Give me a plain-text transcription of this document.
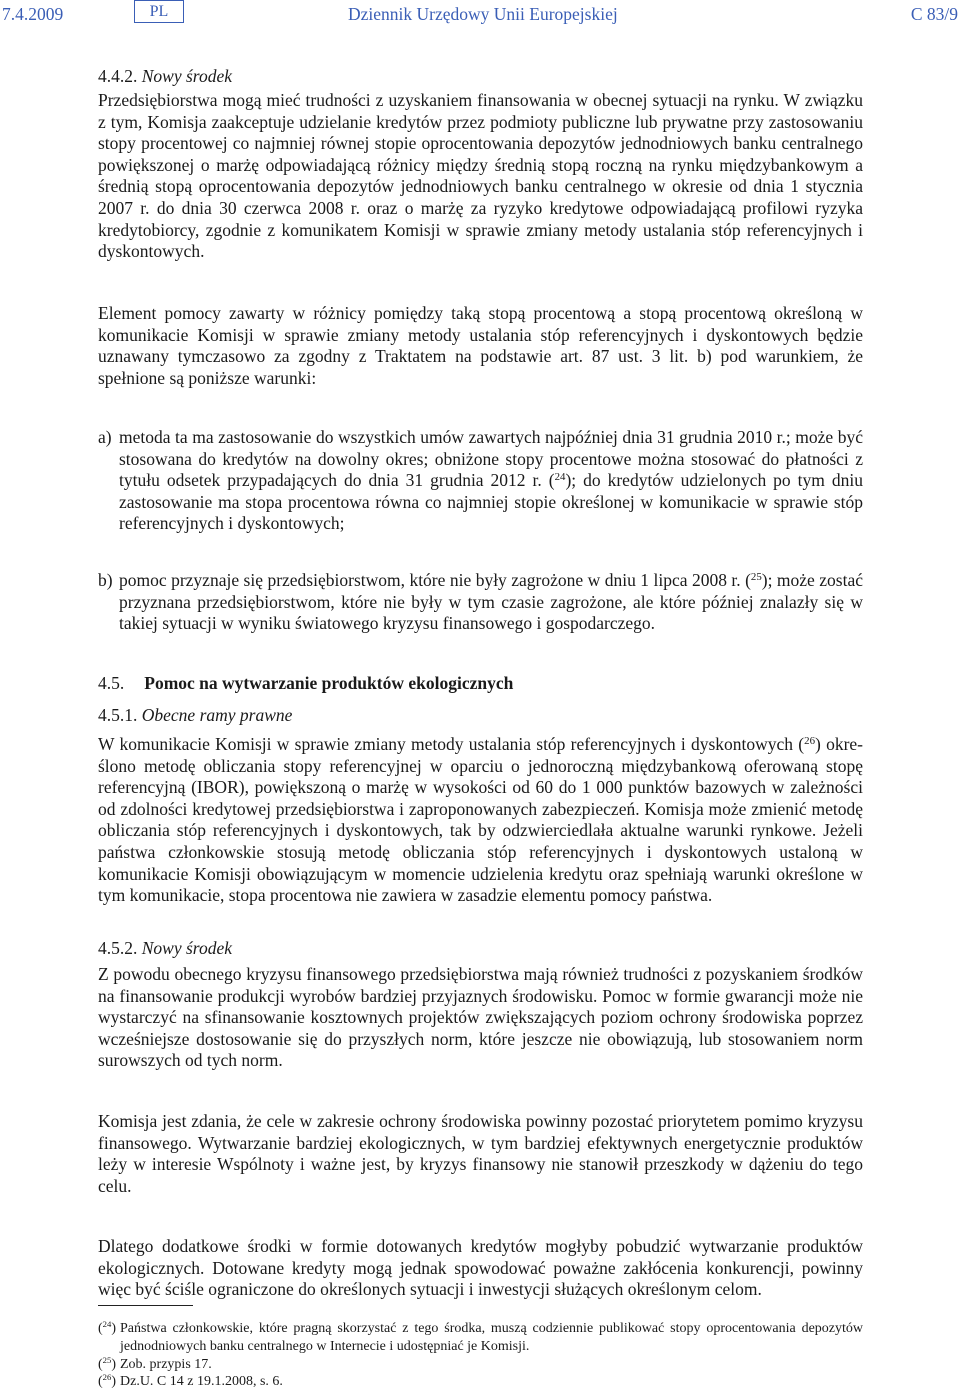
7.4.2009	PL	Dziennik Urzędowy Unii Europejskiej	C 83/9
4.4.2. Nowy środek

Przedsiębiorstwa mogą mieć trudności z uzyskaniem finansowania w obecnej sytuacji na rynku. W związku z tym, Komisja zaakceptuje udzielanie kredytów przez podmioty publiczne lub prywatne przy zastosowaniu stopy procentowej co najmniej równej stopie oprocentowania depozytów jednodniowych banku centralnego powiększonej o marżę odpowiadającą różnicy między średnią stopą roczną na rynku międzybankowym a średnią stopą oprocentowania depozytów jednodniowych banku centralnego w okresie od dnia 1 stycznia 2007 r. do dnia 30 czerwca 2008 r. oraz o marżę za ryzyko kredytowe odpowiadającą profilowi ryzyka kredytobiorcy, zgodnie z komunikatem Komisji w sprawie zmiany metody ustalania stóp referencyjnych i dyskontowych.

Element pomocy zawarty w różnicy pomiędzy taką stopą procentową a stopą procentową określoną w komunikacie Komisji w sprawie zmiany metody ustalania stóp referencyjnych i dyskontowych będzie uznawany tymczasowo za zgodny z Traktatem na podstawie art. 87 ust. 3 lit. b) pod warunkiem, że spełnione są poniższe warunki:

a) metoda ta ma zastosowanie do wszystkich umów zawartych najpóźniej dnia 31 grudnia 2010 r.; może być stosowana do kredytów na dowolny okres; obniżone stopy procentowe można stosować do płatności z tytułu odsetek przypadających do dnia 31 grudnia 2012 r. ($^{24}$); do kredytów udzielonych po tym dniu zastosowanie ma stopa procentowa równa co najmniej stopie określonej w komunikacie w sprawie stóp referencyjnych i dyskontowych;
b) pomoc przyznaje się przedsiębiorstwom, które nie były zagrożone w dniu 1 lipca 2008 r. ($^{25}$); może zostać przyznana przedsiębiorstwom, które nie były w tym czasie zagrożone, ale które później znalazły się w takiej sytuacji w wyniku światowego kryzysu finansowego i gospodarczego.
4.5. Pomoc na wytwarzanie produktów ekologicznych
4.5.1. Obecne ramy prawne

W komunikacie Komisji w sprawie zmiany metody ustalania stóp referencyjnych i dyskontowych ($^{26}$) okre-ślono metodę obliczania stopy referencyjnej w oparciu o jednoroczną międzybankową oferowaną stopę referencyjną (IBOR), powiększoną o marżę w wysokości od 60 do 1 000 punktów bazowych w zależności od zdolności kredytowej przedsiębiorstwa i zaproponowanych zabezpieczeń. Komisja może zmienić metodę obliczania stóp referencyjnych i dyskontowych, tak by odzwierciedlała aktualne warunki rynkowe. Jeżeli państwa członkowskie stosują metodę obliczania stóp referencyjnych i dyskontowych ustaloną w komunikacie Komisji obowiązującym w momencie udzielenia kredytu oraz spełniają warunki określone w tym komunikacie, stopa procentowa nie zawiera w zasadzie elementu pomocy państwa.

4.5.2. Nowy środek

Z powodu obecnego kryzysu finansowego przedsiębiorstwa mają również trudności z pozyskaniem środków na finansowanie produkcji wyrobów bardziej przyjaznych środowisku. Pomoc w formie gwarancji może nie wystarczyć na sfinansowanie kosztownych projektów zwiększających poziom ochrony środowiska poprzez wcześniejsze dostosowanie się do przyszłych norm, które jeszcze nie obowiązują, lub stosowaniem norm surowszych od tych norm.

Komisja jest zdania, że cele w zakresie ochrony środowiska powinny pozostać priorytetem pomimo kryzysu finansowego. Wytwarzanie bardziej ekologicznych, w tym bardziej efektywnych energetycznie produktów leży w interesie Wspólnoty i ważne jest, by kryzys finansowy nie stanowił przeszkody w dążeniu do tego celu.

Dlatego dodatkowe środki w formie dotowanych kredytów mogłyby pobudzić wytwarzanie produktów ekologicznych. Dotowane kredyty mogą jednak spowodować poważne zakłócenia konkurencji, powinny więc być ściśle ograniczone do określonych sytuacji i inwestycji służących określonym celom.

($^{24}$) Państwa członkowskie, które pragną skorzystać z tego środka, muszą codziennie publikować stopy oprocentowania depozytów jednodniowych banku centralnego w Internecie i udostępniać je Komisji.
($^{25}$) Zob. przypis 17.
($^{26}$) Dz.U. C 14 z 19.1.2008, s. 6.
